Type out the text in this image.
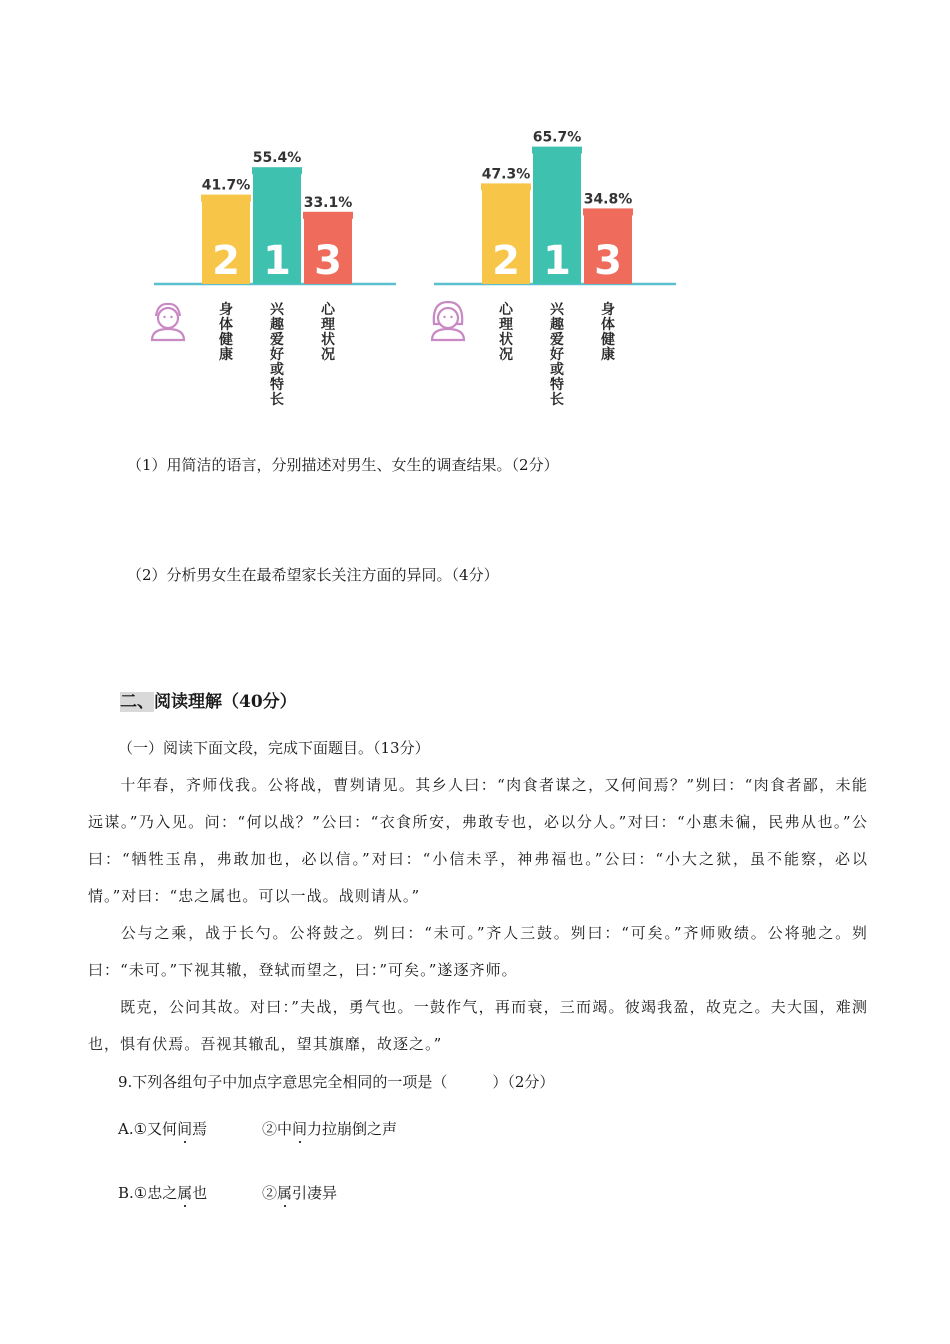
41.7%
2
身
体
健
康
55.4%
1
兴
趣
爱
好
或
特
长
33.1%
3
心
理
状
况
47.3%
2
心
理
状
况
65.7%
1
兴
趣
爱
好
或
特
长
34.8%
3
身
体
健
康
（1）用简洁的语言，分别描述对男生、女生的调查结果。（2分）
（2）分析男女生在最希望家长关注方面的异同。（4分）
二、阅读理解（40分）
（一）阅读下面文段，完成下面题目。（13分）
十年春，齐师伐我。公将战，曹刿请见。其乡人曰：“肉食者谋之，又何间焉？”刿曰：“肉食者鄙，未能远谋。”乃入见。问：“何以战？”公曰：“衣食所安，弗敢专也，必以分人。”对曰：“小惠未徧，民弗从也。”公曰：“牺牲玉帛，弗敢加也，必以信。”对曰：“小信未孚，神弗福也。”公曰：“小大之狱，虽不能察，必以情。”对曰：“忠之属也。可以一战。战则请从。”
公与之乘，战于长勺。公将鼓之。刿曰：“未可。”齐人三鼓。刿曰：“可矣。”齐师败绩。公将驰之。刿曰：“未可。”下视其辙，登轼而望之，曰：”可矣。”遂逐齐师。
既克，公问其故。对曰：”夫战，勇气也。一鼓作气，再而衰，三而竭。彼竭我盈，故克之。夫大国，难测也，惧有伏焉。吾视其辙乱，望其旗靡，故逐之。”
9.下列各组句子中加点字意思完全相同的一项是（　　　）（2分）
A.①又何间焉	②中间力拉崩倒之声
B.①忠之属也	②属引凄异
